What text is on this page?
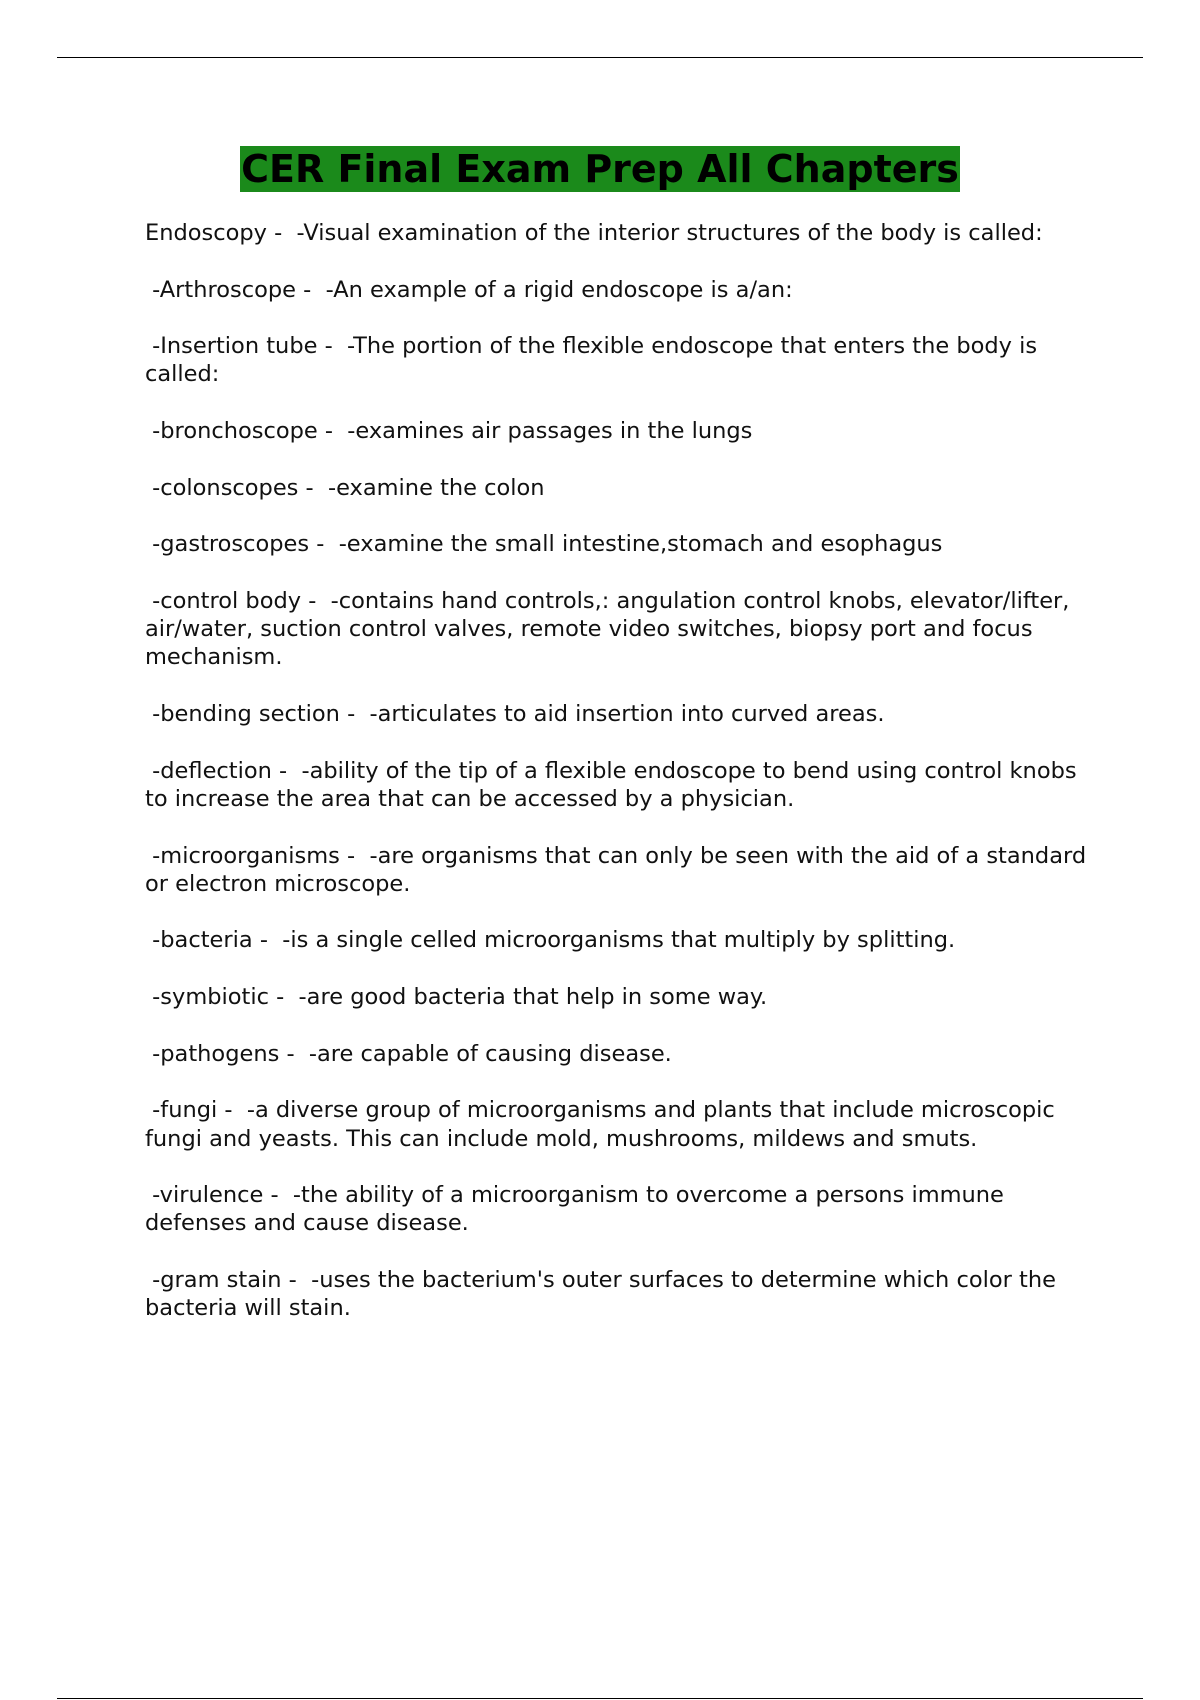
CER Final Exam Prep All Chapters

Endoscopy -  -Visual examination of the interior structures of the body is called:

-Arthroscope -  -An example of a rigid endoscope is a/an:

-Insertion tube -  -The portion of the flexible endoscope that enters the body is called:

-bronchoscope -  -examines air passages in the lungs

-colonscopes -  -examine the colon

-gastroscopes -  -examine the small intestine,stomach and esophagus

-control body -  -contains hand controls,: angulation control knobs, elevator/lifter, air/water, suction control valves, remote video switches, biopsy port and focus mechanism.

-bending section -  -articulates to aid insertion into curved areas.

-deflection -  -ability of the tip of a flexible endoscope to bend using control knobs to increase the area that can be accessed by a physician.

-microorganisms -  -are organisms that can only be seen with the aid of a standard or electron microscope.

-bacteria -  -is a single celled microorganisms that multiply by splitting.

-symbiotic -  -are good bacteria that help in some way.

-pathogens -  -are capable of causing disease.

-fungi -  -a diverse group of microorganisms and plants that include microscopic fungi and yeasts. This can include mold, mushrooms, mildews and smuts.

-virulence -  -the ability of a microorganism to overcome a persons immune defenses and cause disease.

-gram stain -  -uses the bacterium's outer surfaces to determine which color the bacteria will stain.
